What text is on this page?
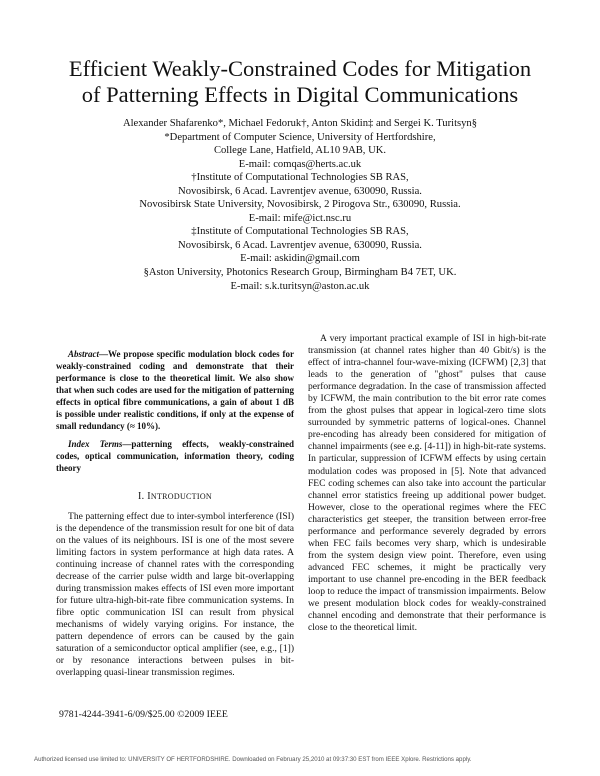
Efficient Weakly-Constrained Codes for Mitigation
of Patterning Effects in Digital Communications
Alexander Shafarenko*, Michael Fedoruk†, Anton Skidin‡ and Sergei K. Turitsyn§
*Department of Computer Science, University of Hertfordshire,
College Lane, Hatfield, AL10 9AB, UK.
E-mail: comqas@herts.ac.uk
†Institute of Computational Technologies SB RAS,
Novosibirsk, 6 Acad. Lavrentjev avenue, 630090, Russia.
Novosibirsk State University, Novosibirsk, 2 Pirogova Str., 630090, Russia.
E-mail: mife@ict.nsc.ru
‡Institute of Computational Technologies SB RAS,
Novosibirsk, 6 Acad. Lavrentjev avenue, 630090, Russia.
E-mail: askidin@gmail.com
§Aston University, Photonics Research Group, Birmingham B4 7ET, UK.
E-mail: s.k.turitsyn@aston.ac.uk

Abstract—We propose specific modulation block codes for weakly-constrained coding and demonstrate that their performance is close to the theoretical limit. We also show that when such codes are used for the mitigation of patterning effects in optical fibre communications, a gain of about 1 dB is possible under realistic conditions, if only at the expense of small redundancy (≈ 10%).

Index Terms—patterning effects, weakly-constrained codes, optical communication, information theory, coding theory

I. INTRODUCTION

The patterning effect due to inter-symbol interference (ISI) is the dependence of the transmission result for one bit of data on the values of its neighbours. ISI is one of the most severe limiting factors in system performance at high data rates. A continuing increase of channel rates with the corresponding decrease of the carrier pulse width and large bit-overlapping during transmission makes effects of ISI even more important for future ultra-high-bit-rate fibre communication systems. In fibre optic communication ISI can result from physical mechanisms of widely varying origins. For instance, the pattern dependence of errors can be caused by the gain saturation of a semiconductor optical amplifier (see, e.g., [1]) or by resonance interactions between pulses in bit-overlapping quasi-linear transmission regimes.

A very important practical example of ISI in high-bit-rate transmission (at channel rates higher than 40 Gbit/s) is the effect of intra-channel four-wave-mixing (ICFWM) [2,3] that leads to the generation of "ghost" pulses that cause performance degradation. In the case of transmission affected by ICFWM, the main contribution to the bit error rate comes from the ghost pulses that appear in logical-zero time slots surrounded by symmetric patterns of logical-ones. Channel pre-encoding has already been considered for mitigation of channel impairments (see e.g. [4-11]) in high-bit-rate systems. In particular, suppression of ICFWM effects by using certain modulation codes was proposed in [5]. Note that advanced FEC coding schemes can also take into account the particular channel error statistics freeing up additional power budget. However, close to the operational regimes where the FEC characteristics get steeper, the transition between error-free performance and performance severely degraded by errors when FEC fails becomes very sharp, which is undesirable from the system design view point. Therefore, even using advanced FEC schemes, it might be practically very important to use channel pre-encoding in the BER feedback loop to reduce the impact of transmission impairments. Below we present modulation block codes for weakly-constrained channel encoding and demonstrate that their performance is close to the theoretical limit.

9781-4244-3941-6/09/$25.00 ©2009 IEEE
Authorized licensed use limited to: UNIVERSITY OF HERTFORDSHIRE. Downloaded on February 25,2010 at 09:37:30 EST from IEEE Xplore. Restrictions apply.
